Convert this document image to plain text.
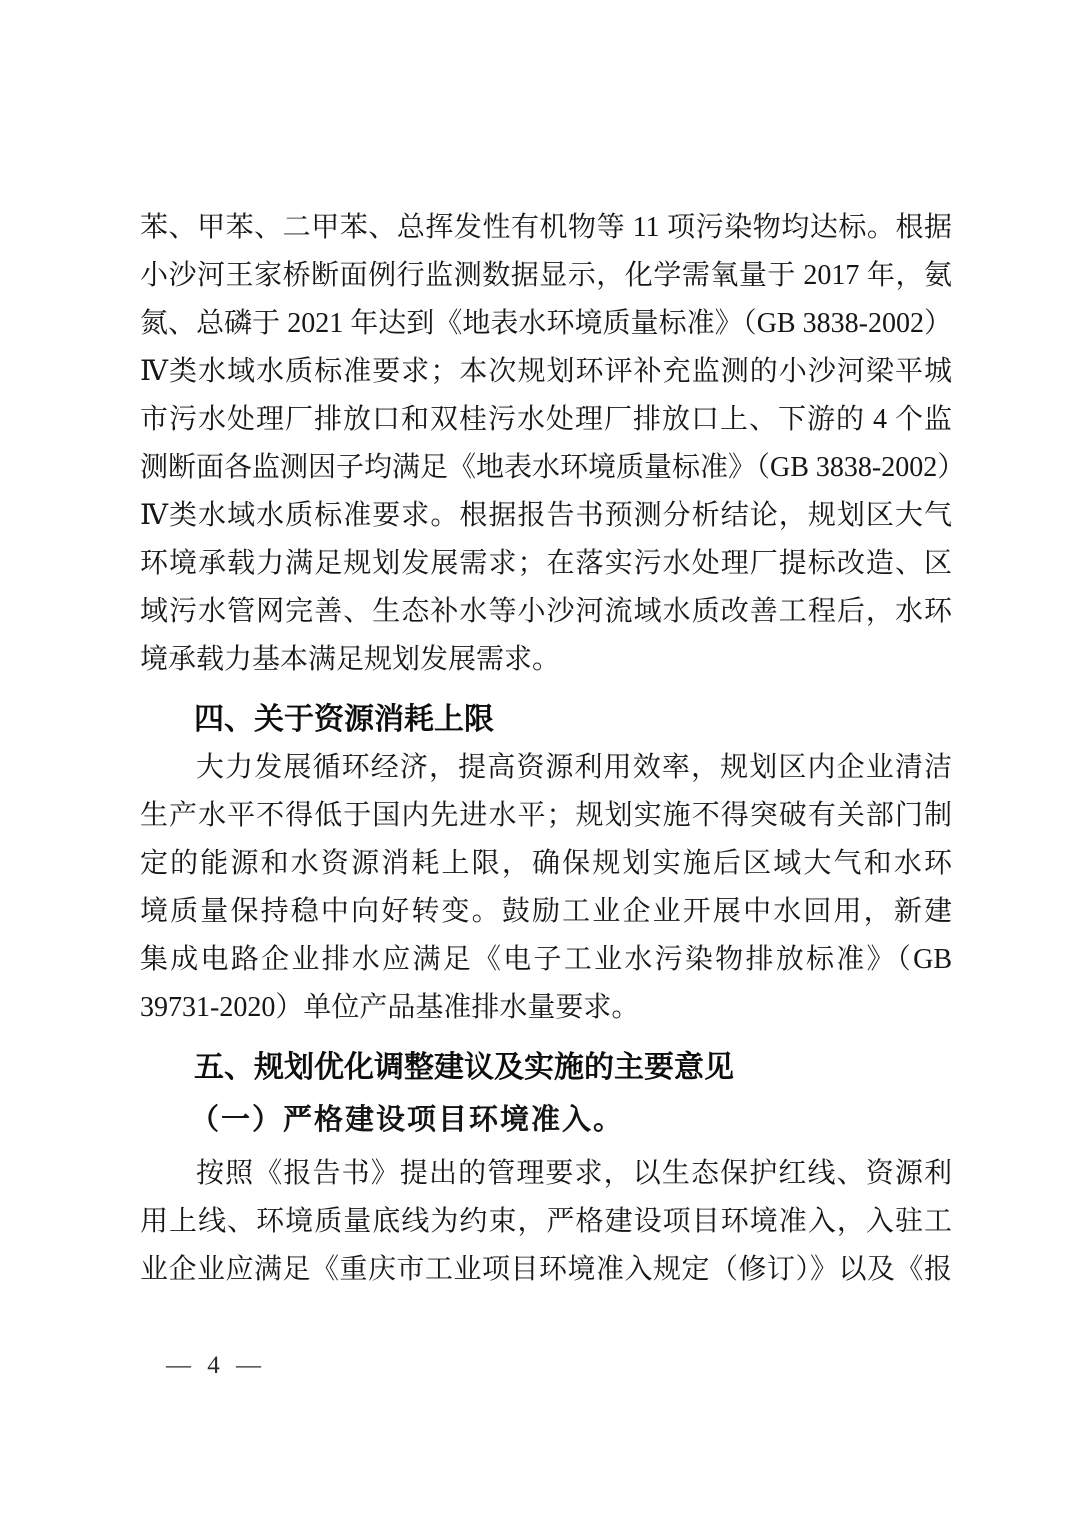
苯、甲苯、二甲苯、总挥发性有机物等 11 项污染物均达标。根据
小沙河王家桥断面例行监测数据显示，化学需氧量于 2017 年，氨
氮、总磷于 2021 年达到《地表水环境质量标准》（GB 3838-2002）
Ⅳ类水域水质标准要求；本次规划环评补充监测的小沙河梁平城
市污水处理厂排放口和双桂污水处理厂排放口上、下游的 4 个监
测断面各监测因子均满足《地表水环境质量标准》（GB 3838-2002）
Ⅳ类水域水质标准要求。根据报告书预测分析结论，规划区大气
环境承载力满足规划发展需求；在落实污水处理厂提标改造、区
域污水管网完善、生态补水等小沙河流域水质改善工程后，水环
境承载力基本满足规划发展需求。
四、关于资源消耗上限
大力发展循环经济，提高资源利用效率，规划区内企业清洁
生产水平不得低于国内先进水平；规划实施不得突破有关部门制
定的能源和水资源消耗上限，确保规划实施后区域大气和水环
境质量保持稳中向好转变。鼓励工业企业开展中水回用，新建
集成电路企业排水应满足《电子工业水污染物排放标准》（GB
39731-2020）单位产品基准排水量要求。
五、规划优化调整建议及实施的主要意见
（一）严格建设项目环境准入。
按照《报告书》提出的管理要求，以生态保护红线、资源利
用上线、环境质量底线为约束，严格建设项目环境准入，入驻工
业企业应满足《重庆市工业项目环境准入规定（修订）》以及《报
— 4 —
